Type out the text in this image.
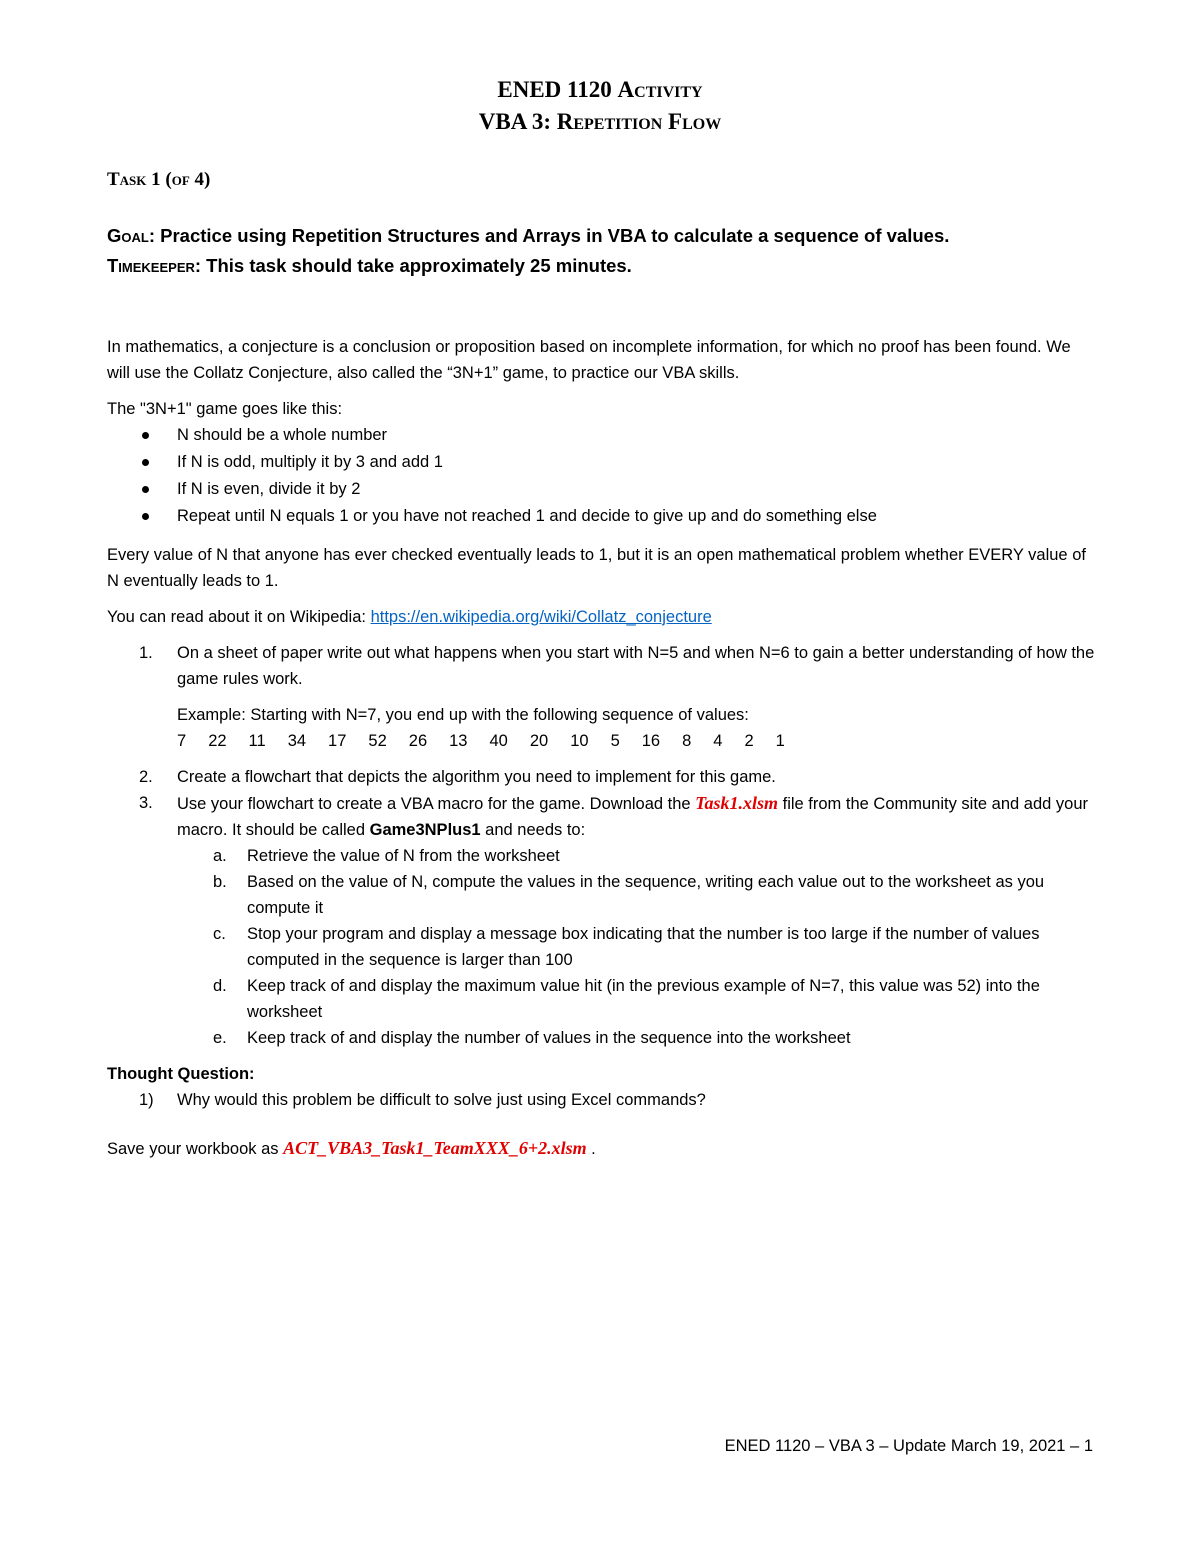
ENED 1120 Activity
VBA 3: Repetition Flow
Task 1 (of 4)
Goal: Practice using Repetition Structures and Arrays in VBA to calculate a sequence of values.
Timekeeper: This task should take approximately 25 minutes.

In mathematics, a conjecture is a conclusion or proposition based on incomplete information, for which no proof has been found. We will use the Collatz Conjecture, also called the “3N+1” game, to practice our VBA skills.

The "3N+1" game goes like this:

N should be a whole number
If N is odd, multiply it by 3 and add 1
If N is even, divide it by 2
Repeat until N equals 1 or you have not reached 1 and decide to give up and do something else

Every value of N that anyone has ever checked eventually leads to 1, but it is an open mathematical problem whether EVERY value of N eventually leads to 1.

You can read about it on Wikipedia: https://en.wikipedia.org/wiki/Collatz_conjecture

1. On a sheet of paper write out what happens when you start with N=5 and when N=6 to gain a better understanding of how the game rules work.

Example: Starting with N=7, you end up with the following sequence of values:

7 22 11 34 17 52 26 13 40 20 10 5 16 8 4 2 1
2. Create a flowchart that depicts the algorithm you need to implement for this game.

3. Use your flowchart to create a VBA macro for the game. Download the Task1.xlsm file from the Community site and add your macro. It should be called Game3NPlus1 and needs to:

a. Retrieve the value of N from the worksheet
b. Based on the value of N, compute the values in the sequence, writing each value out to the worksheet as you compute it
c. Stop your program and display a message box indicating that the number is too large if the number of values computed in the sequence is larger than 100
d. Keep track of and display the maximum value hit (in the previous example of N=7, this value was 52) into the worksheet
e. Keep track of and display the number of values in the sequence into the worksheet

Thought Question:

1) Why would this problem be difficult to solve just using Excel commands?

Save your workbook as ACT_VBA3_Task1_TeamXXX_6+2.xlsm .

ENED 1120 – VBA 3 – Update March 19, 2021 – 1
